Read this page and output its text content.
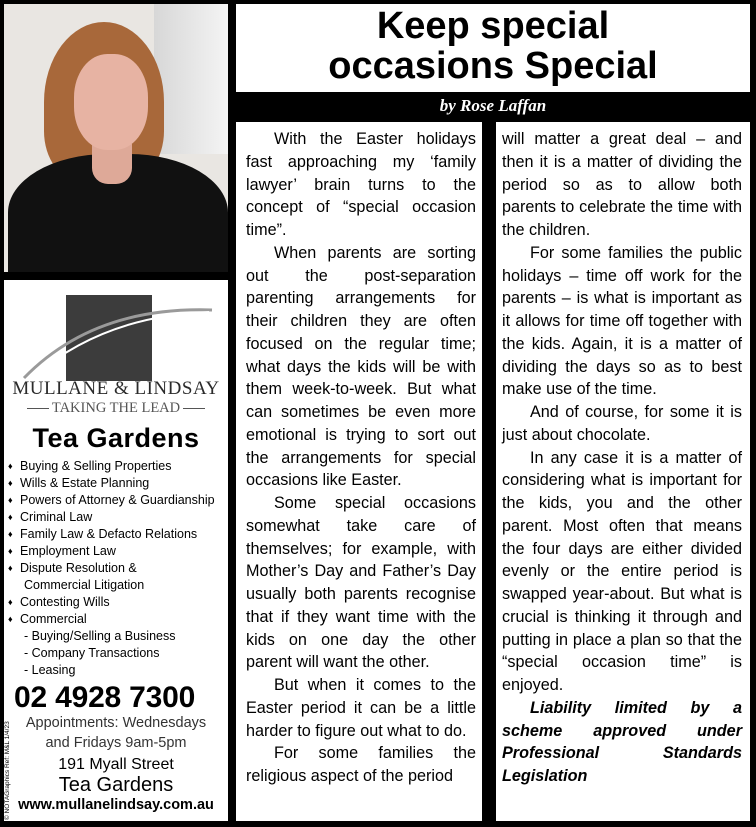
MULLANE & LINDSAY
TAKING THE LEAD
Tea Gardens
♦ Buying & Selling Properties
♦ Wills & Estate Planning
♦ Powers of Attorney & Guardianship
♦ Criminal Law
♦ Family Law & Defacto Relations
♦ Employment Law
♦ Dispute Resolution &
Commercial Litigation
♦ Contesting Wills
♦ Commercial
- Buying/Selling a Business
- Company Transactions
- Leasing
© NOTAGraphics Ref: M&L 1/4/23
02 4928 7300
Appointments: Wednesdays
and Fridays 9am-5pm
191 Myall Street
Tea Gardens
www.mullanelindsay.com.au
Keep special
occasions Special
by Rose Laffan

With the Easter holidays fast approaching my ‘family lawyer’ brain turns to the concept of “special occasion time”.

When parents are sorting out the post-separation parenting arrangements for their children they are often focused on the regular time; what days the kids will be with them week-to-week. But what can sometimes be even more emotional is trying to sort out the arrangements for special occasions like Easter.

Some special occasions somewhat take care of themselves; for example, with Mother’s Day and Father’s Day usually both parents recognise that if they want time with the kids on one day the other parent will want the other.

But when it comes to the Easter period it can be a little harder to figure out what to do.

For some families the religious aspect of the period

will matter a great deal – and then it is a matter of dividing the period so as to allow both parents to celebrate the time with the children.

For some families the public holidays – time off work for the parents – is what is important as it allows for time off together with the kids. Again, it is a matter of dividing the days so as to best make use of the time.

And of course, for some it is just about chocolate.

In any case it is a matter of considering what is important for the kids, you and the other parent. Most often that means the four days are either divided evenly or the entire period is swapped year-about. But what is crucial is thinking it through and putting in place a plan so that the “special occasion time” is enjoyed.

Liability limited by a scheme approved under Professional Standards Legislation
